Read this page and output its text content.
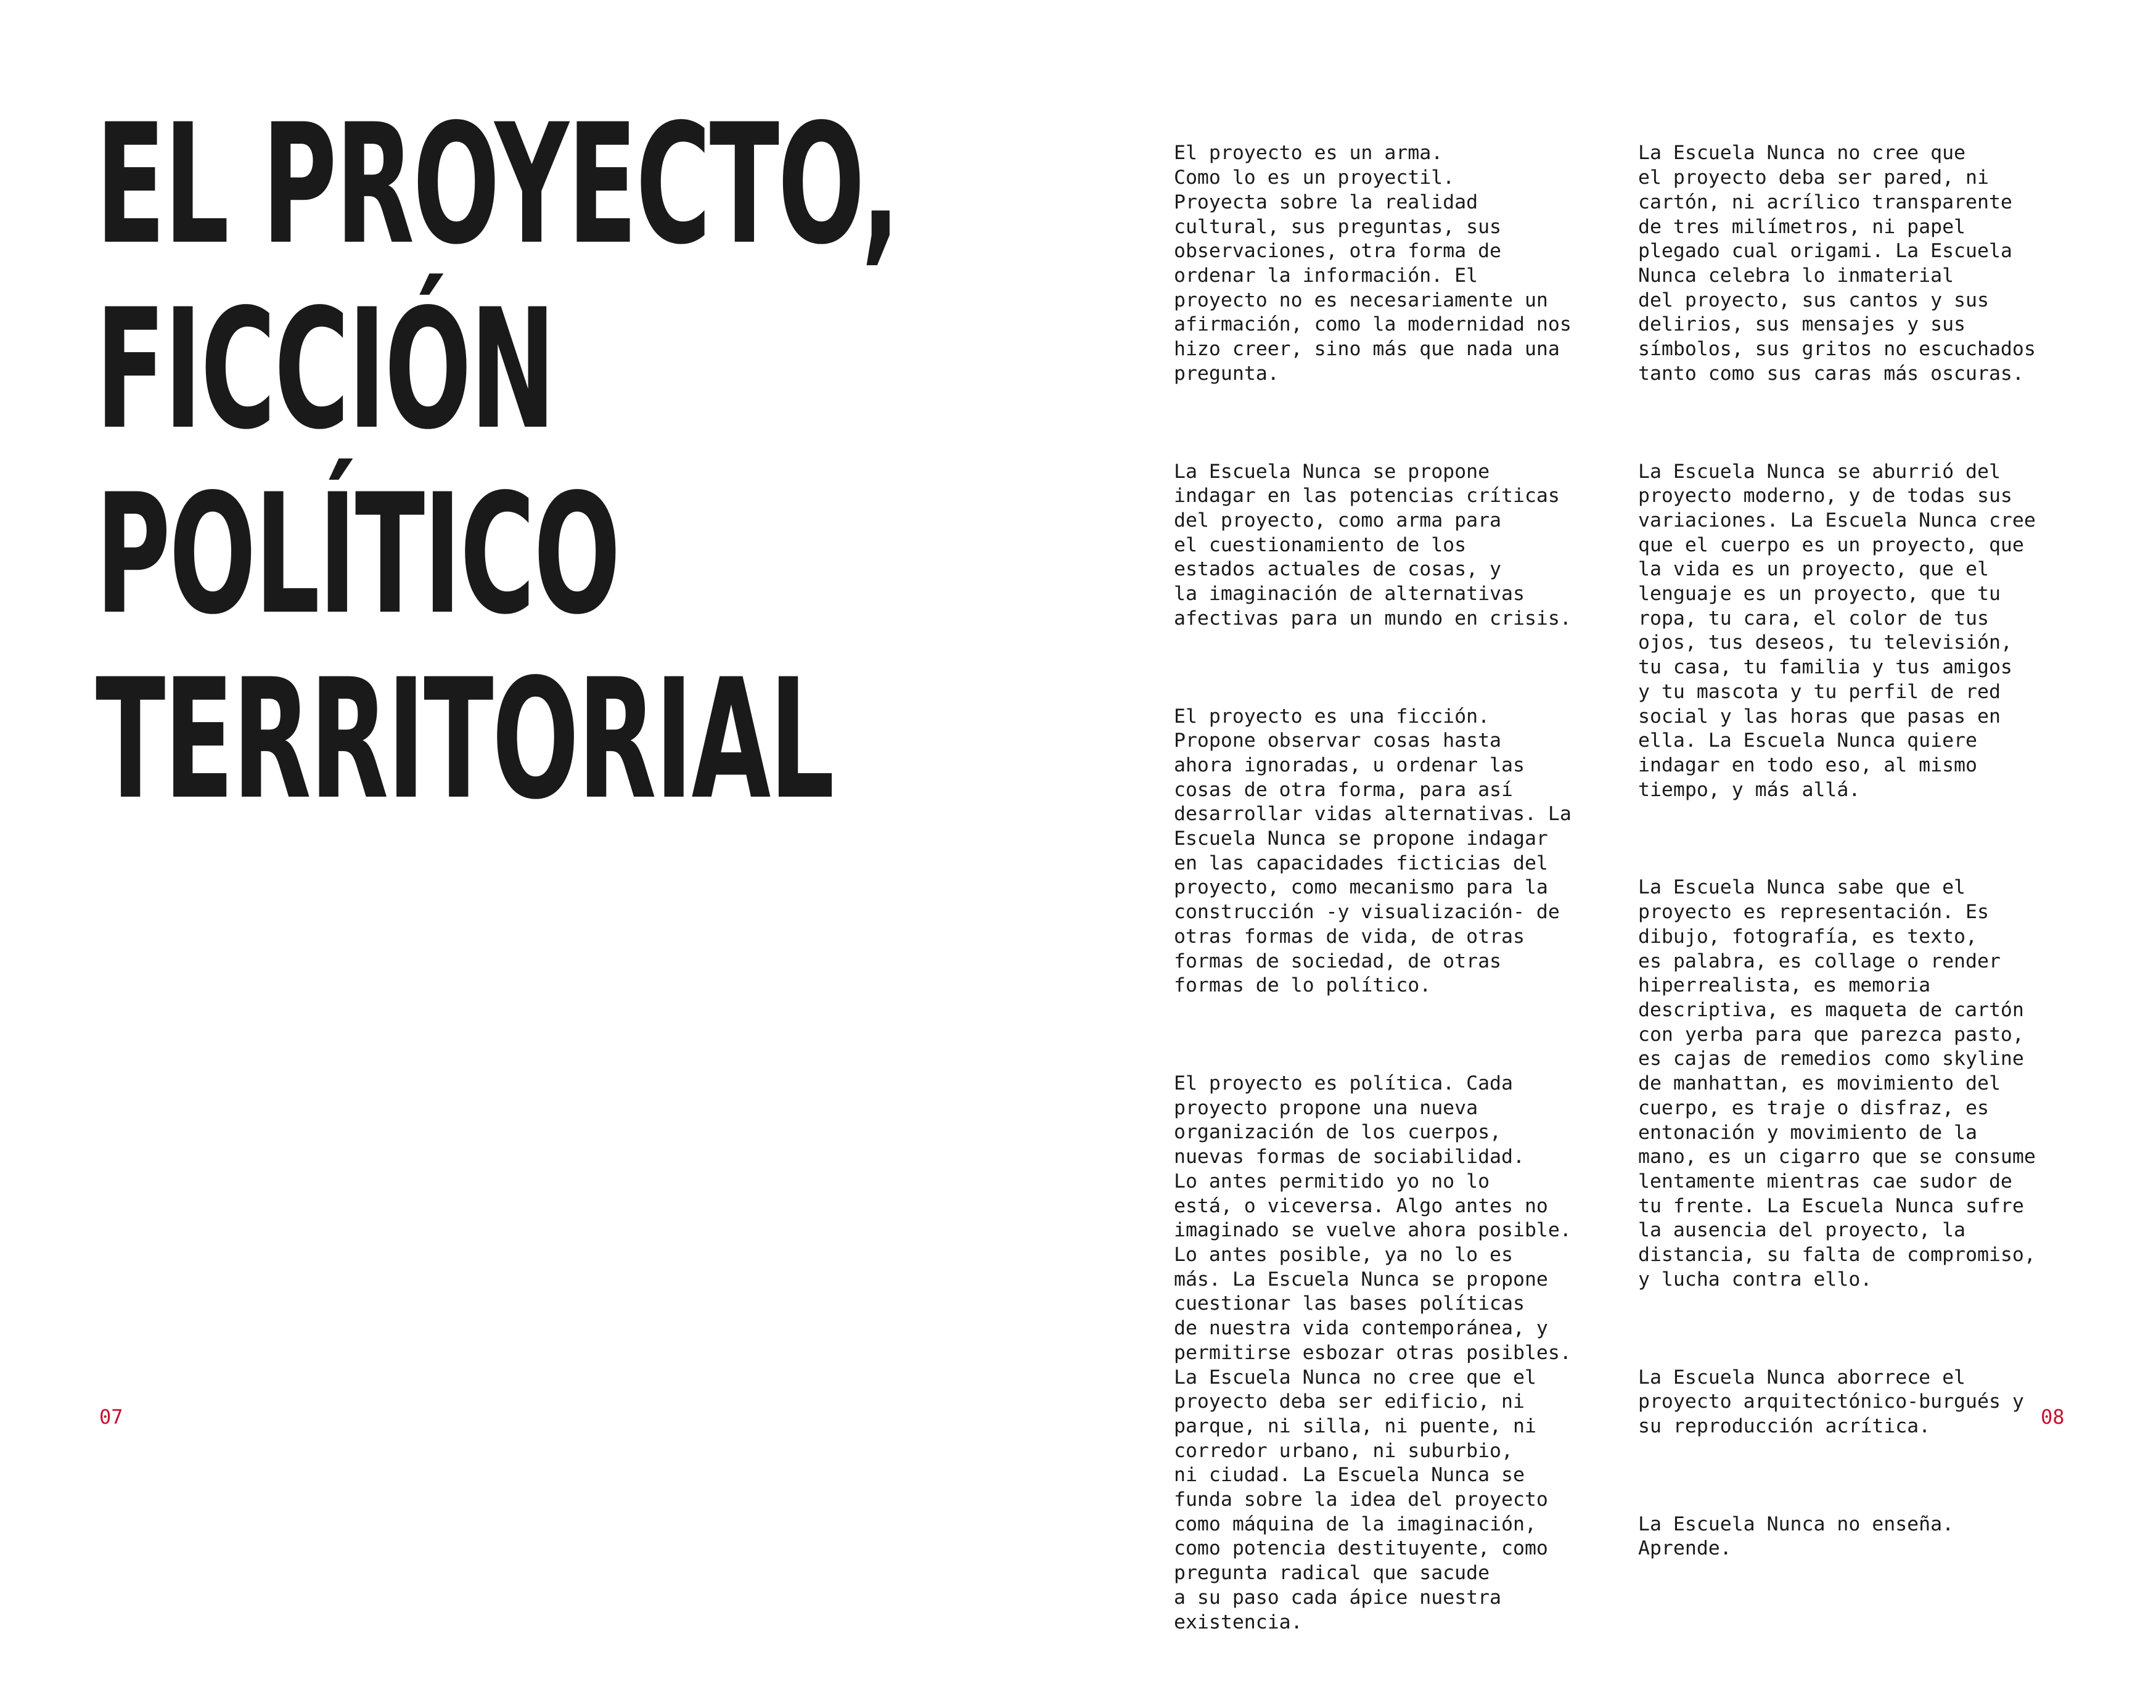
EL PROYECTO,
FICCIÓN
POLÍTICO
TERRITORIAL

El proyecto es un arma.
Como lo es un proyectil.
Proyecta sobre la realidad
cultural, sus preguntas, sus
observaciones, otra forma de
ordenar la información. El
proyecto no es necesariamente un
afirmación, como la modernidad nos
hizo creer, sino más que nada una
pregunta.

La Escuela Nunca se propone
indagar en las potencias críticas
del proyecto, como arma para
el cuestionamiento de los
estados actuales de cosas, y
la imaginación de alternativas
afectivas para un mundo en crisis.

El proyecto es una ficción.
Propone observar cosas hasta
ahora ignoradas, u ordenar las
cosas de otra forma, para así
desarrollar vidas alternativas. La
Escuela Nunca se propone indagar
en las capacidades ficticias del
proyecto, como mecanismo para la
construcción -y visualización- de
otras formas de vida, de otras
formas de sociedad, de otras
formas de lo político.

El proyecto es política. Cada
proyecto propone una nueva
organización de los cuerpos,
nuevas formas de sociabilidad.
Lo antes permitido yo no lo
está, o viceversa. Algo antes no
imaginado se vuelve ahora posible.
Lo antes posible, ya no lo es
más. La Escuela Nunca se propone
cuestionar las bases políticas
de nuestra vida contemporánea, y
permitirse esbozar otras posibles.
La Escuela Nunca no cree que el
proyecto deba ser edificio, ni
parque, ni silla, ni puente, ni
corredor urbano, ni suburbio,
ni ciudad. La Escuela Nunca se
funda sobre la idea del proyecto
como máquina de la imaginación,
como potencia destituyente, como
pregunta radical que sacude
a su paso cada ápice nuestra
existencia.

La Escuela Nunca no cree que
el proyecto deba ser pared, ni
cartón, ni acrílico transparente
de tres milímetros, ni papel
plegado cual origami. La Escuela
Nunca celebra lo inmaterial
del proyecto, sus cantos y sus
delirios, sus mensajes y sus
símbolos, sus gritos no escuchados
tanto como sus caras más oscuras.

La Escuela Nunca se aburrió del
proyecto moderno, y de todas sus
variaciones. La Escuela Nunca cree
que el cuerpo es un proyecto, que
la vida es un proyecto, que el
lenguaje es un proyecto, que tu
ropa, tu cara, el color de tus
ojos, tus deseos, tu televisión,
tu casa, tu familia y tus amigos
y tu mascota y tu perfil de red
social y las horas que pasas en
ella. La Escuela Nunca quiere
indagar en todo eso, al mismo
tiempo, y más allá.

La Escuela Nunca sabe que el
proyecto es representación. Es
dibujo, fotografía, es texto,
es palabra, es collage o render
hiperrealista, es memoria
descriptiva, es maqueta de cartón
con yerba para que parezca pasto,
es cajas de remedios como skyline
de manhattan, es movimiento del
cuerpo, es traje o disfraz, es
entonación y movimiento de la
mano, es un cigarro que se consume
lentamente mientras cae sudor de
tu frente. La Escuela Nunca sufre
la ausencia del proyecto, la
distancia, su falta de compromiso,
y lucha contra ello.

La Escuela Nunca aborrece el
proyecto arquitectónico-burgués y
su reproducción acrítica.

La Escuela Nunca no enseña.
Aprende.

07	08
